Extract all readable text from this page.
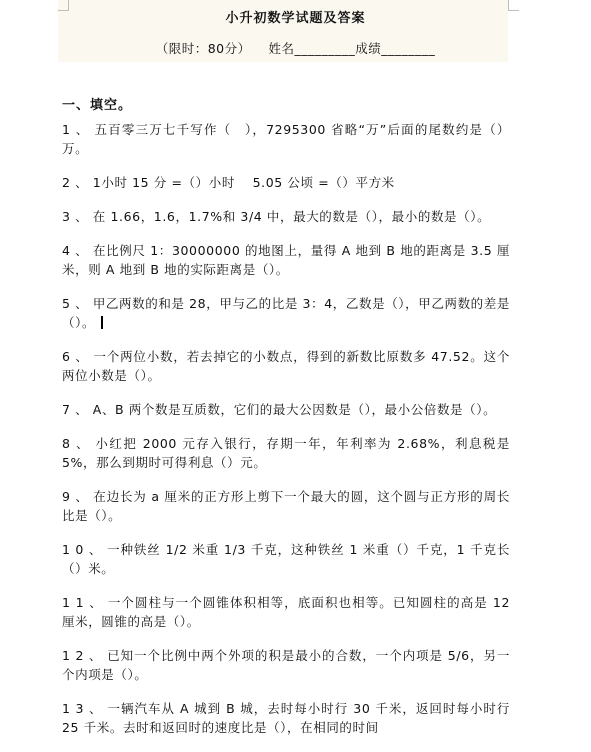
小升初数学试题及答案
（限时：80分）    姓名_________成绩________
一、填空。

1 、 五百零三万七千写作（　），7295300 省略“万”后面的尾数约是（）万。

2 、 1小时 15 分 =（）小时　 5.05 公顷 =（）平方米

3 、 在 1.66，1.6，1.7%和 3/4 中，最大的数是（），最小的数是（）。

4 、 在比例尺 1：30000000 的地图上，量得 A 地到 B 地的距离是 3.5 厘米，则 A 地到 B 地的实际距离是（）。

5 、 甲乙两数的和是 28，甲与乙的比是 3：4，乙数是（），甲乙两数的差是（）。

6 、 一个两位小数，若去掉它的小数点，得到的新数比原数多 47.52。这个两位小数是（）。

7 、 A、B 两个数是互质数，它们的最大公因数是（），最小公倍数是（）。

8 、 小红把 2000 元存入银行，存期一年，年利率为 2.68%，利息税是 5%，那么到期时可得利息（）元。

9 、 在边长为 a 厘米的正方形上剪下一个最大的圆，这个圆与正方形的周长比是（）。

1 0 、 一种铁丝 1/2 米重 1/3 千克，这种铁丝 1 米重（）千克，1 千克长（）米。

1 1 、 一个圆柱与一个圆锥体积相等，底面积也相等。已知圆柱的高是 12 厘米，圆锥的高是（）。

1 2 、 已知一个比例中两个外项的积是最小的合数，一个内项是 5/6，另一个内项是（）。

1 3 、 一辆汽车从 A 城到 B 城，去时每小时行 30 千米，返回时每小时行 25 千米。去时和返回时的速度比是（），在相同的时间
